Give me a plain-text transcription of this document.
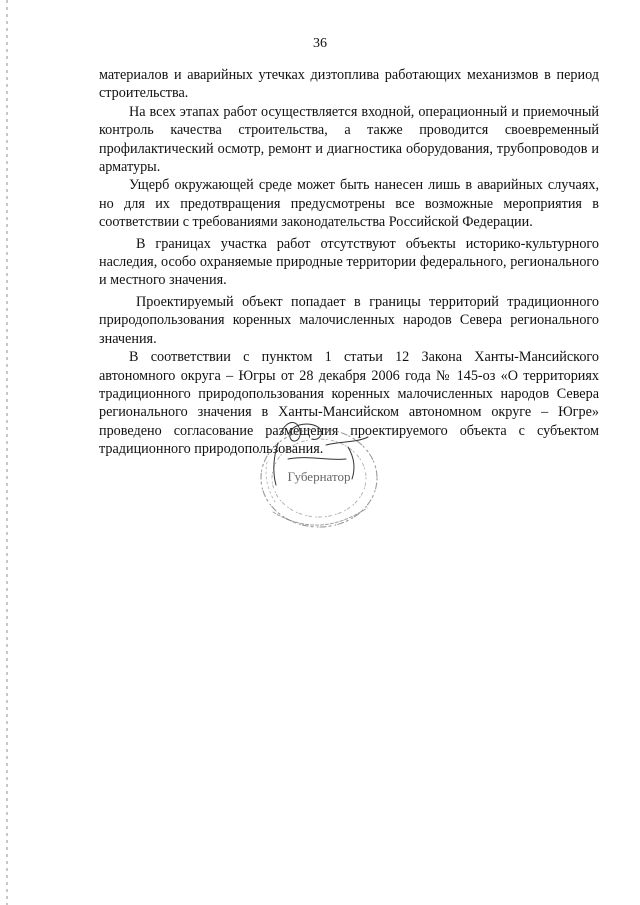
36

материалов и аварийных утечках дизтоплива работающих механизмов в период строительства.

На всех этапах работ осуществляется входной, операционный и приемочный контроль качества строительства, а также проводится своевременный профилактический осмотр, ремонт и диагностика оборудования, трубопроводов и арматуры.

Ущерб окружающей среде может быть нанесен лишь в аварийных случаях, но для их предотвращения предусмотрены все возможные мероприятия в соответствии с требованиями законодательства Российской Федерации.

В границах участка работ отсутствуют объекты историко-культурного наследия, особо охраняемые природные территории федерального, регионального и местного значения.

Проектируемый объект попадает в границы территорий традиционного природопользования коренных малочисленных народов Севера регионального значения.

В соответствии с пунктом 1 статьи 12 Закона Ханты-Мансийского автономного округа – Югры от 28 декабря 2006 года № 145-оз «О территориях традиционного природопользования коренных малочисленных народов Севера регионального значения в Ханты-Мансийском автономном округе – Югре» проведено согласование размещения проектируемого объекта с субъектом традиционного природопользования.

Губернатор
